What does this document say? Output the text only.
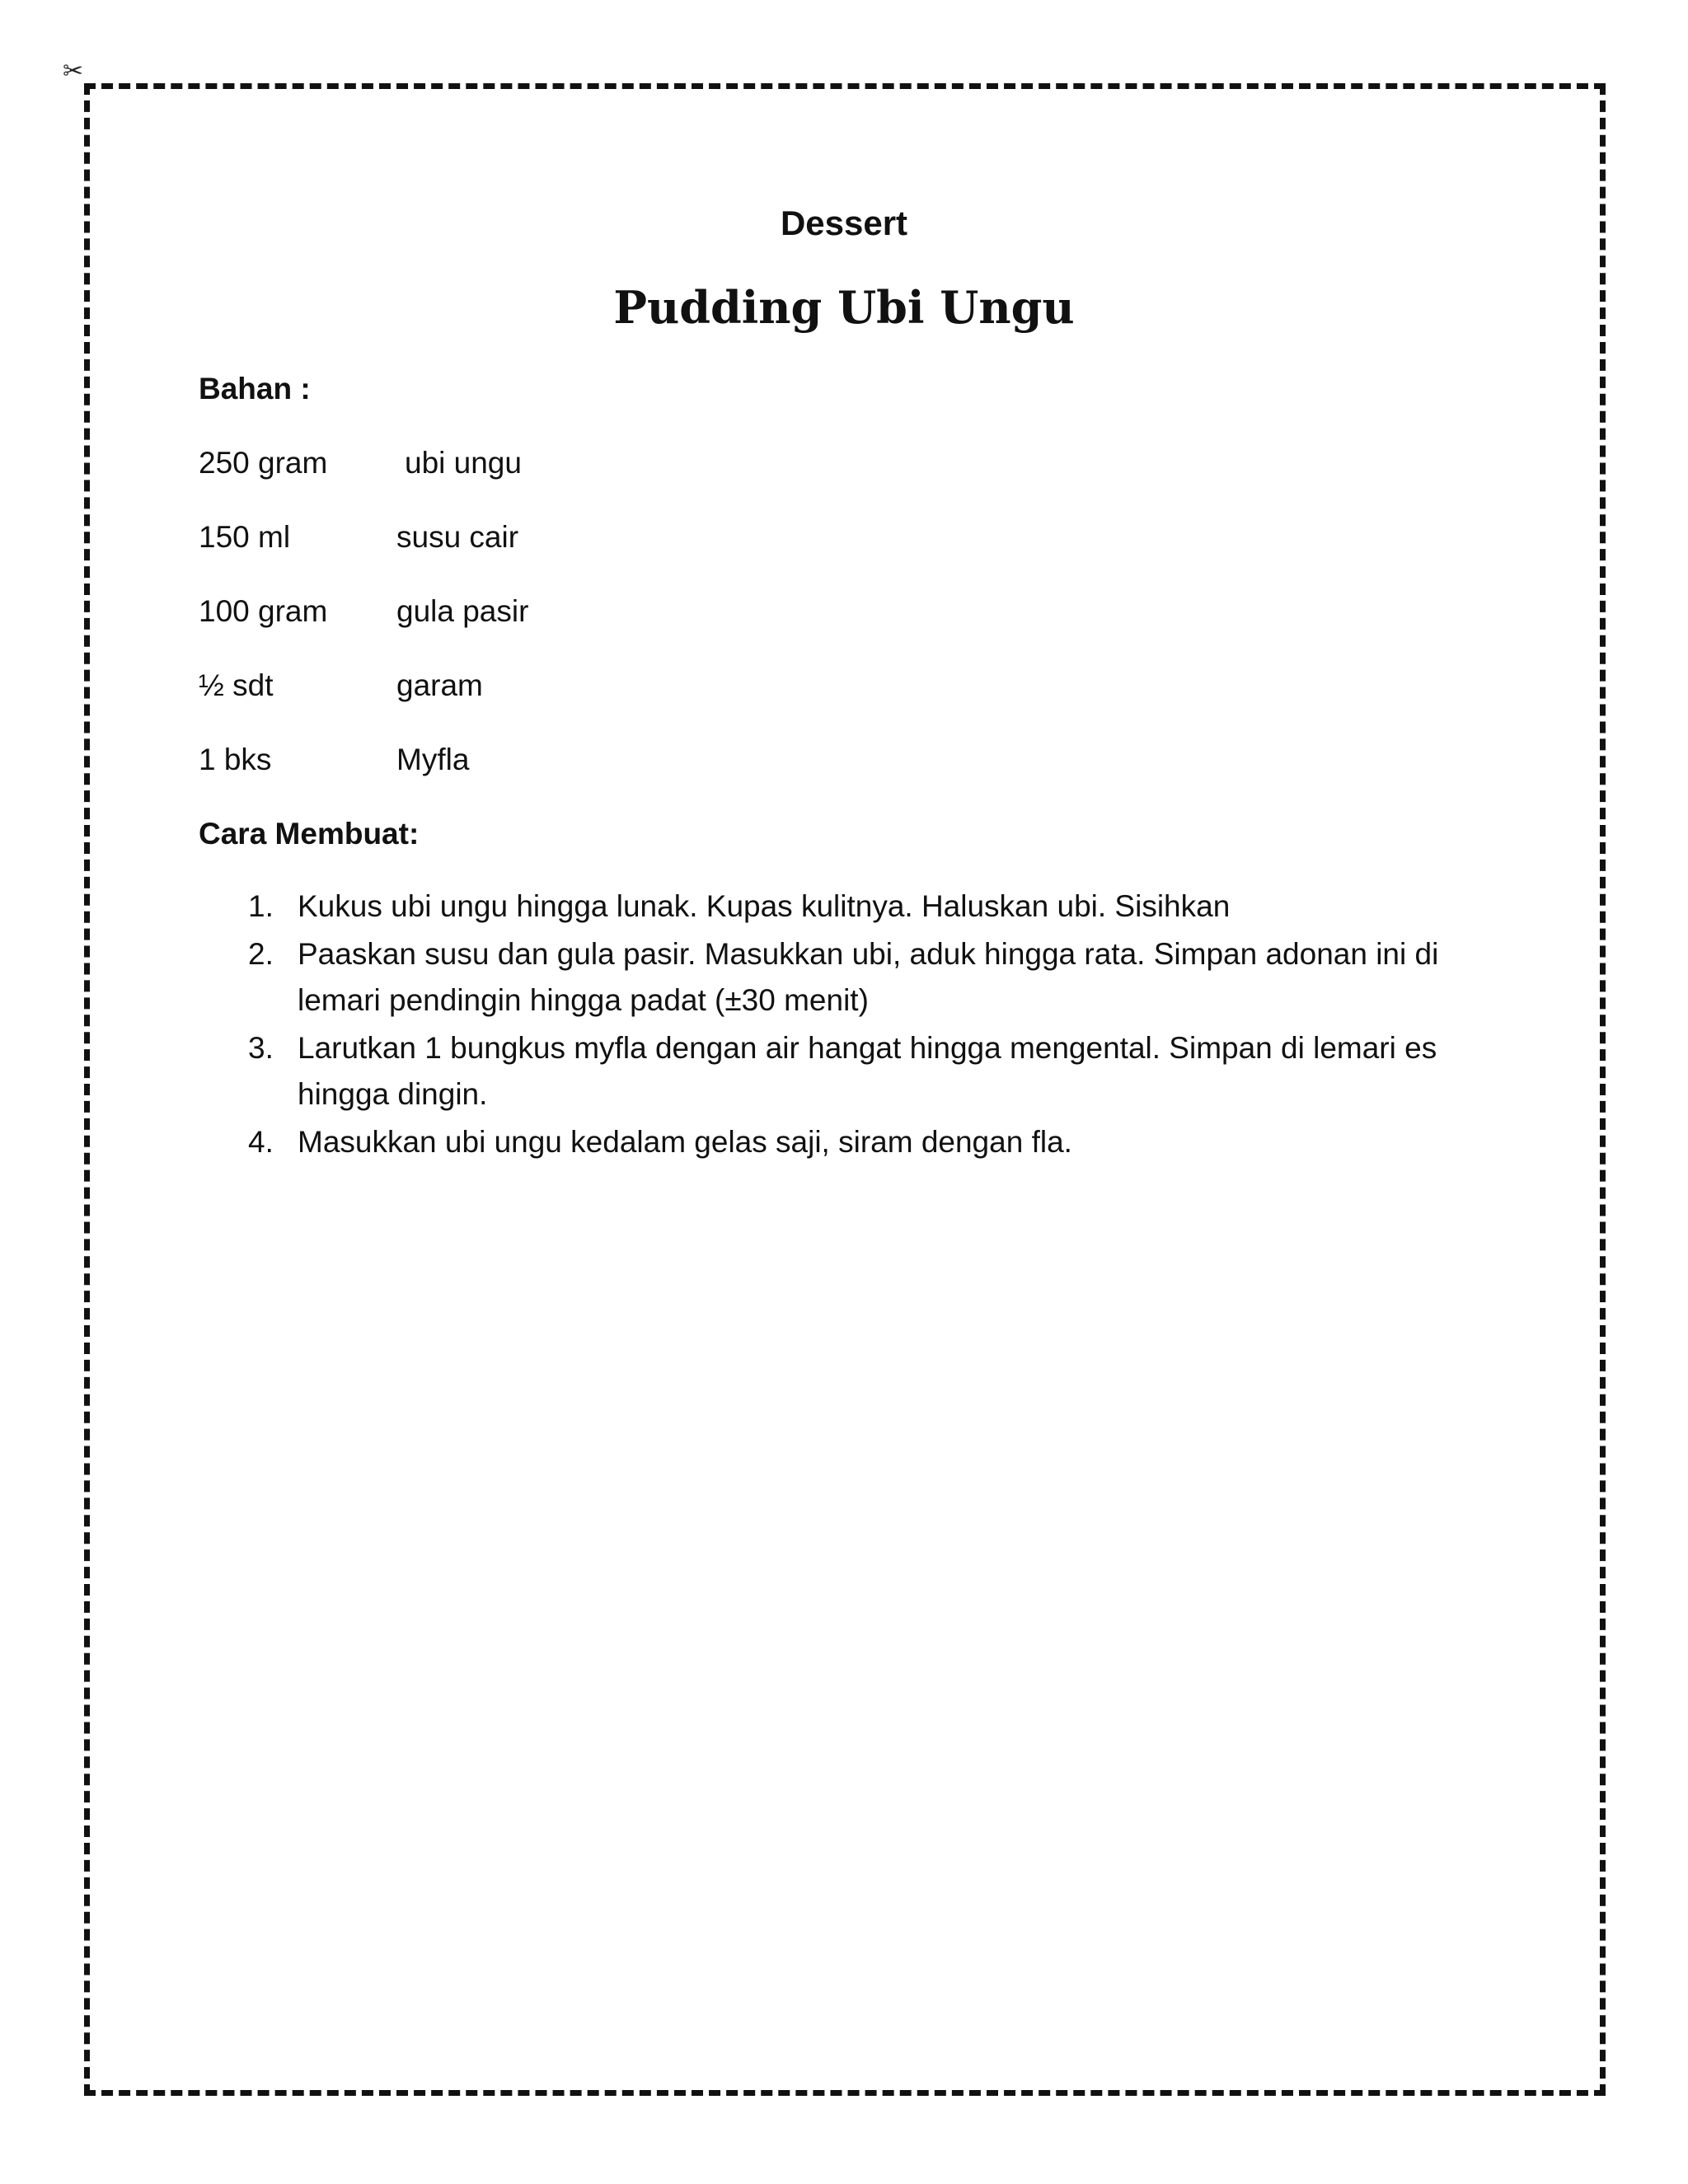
✂
Dessert
Pudding Ubi Ungu
Bahan :
250 gram	ubi ungu
150 ml	susu cair
100 gram	gula pasir
½ sdt	garam
1 bks	Myfla
Cara Membuat:
1. Kukus ubi ungu hingga lunak. Kupas kulitnya. Haluskan ubi. Sisihkan
2. Paaskan susu dan gula pasir. Masukkan ubi, aduk hingga rata. Simpan adonan ini di lemari pendingin hingga padat (±30 menit)
3. Larutkan 1 bungkus myfla dengan air hangat hingga mengental. Simpan di lemari es hingga dingin.
4. Masukkan ubi ungu kedalam gelas saji, siram dengan fla.
